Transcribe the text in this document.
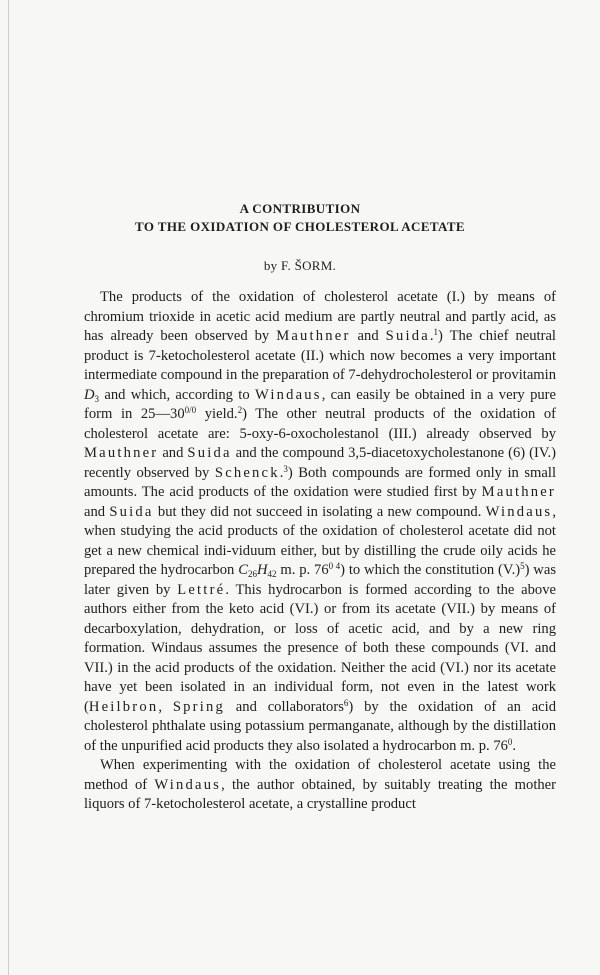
A CONTRIBUTION
TO THE OXIDATION OF CHOLESTEROL ACETATE
by F. ŠORM.

The products of the oxidation of cholesterol acetate (I.) by means of chromium trioxide in acetic acid medium are partly neutral and partly acid, as has already been observed by Mauthner and Suida.$^1$) The chief neutral product is 7-ketocholesterol acetate (II.) which now becomes a very important intermediate compound in the preparation of 7-dehydrocholesterol or provitamin $D_3$ and which, according to Windaus, can easily be obtained in a very pure form in $25—30^{0/0}$ yield.$^2$) The other neutral products of the oxidation of cholesterol acetate are: 5-oxy-6-oxocholestanol (III.) already observed by Mauthner and Suida and the compound 3,5-diacetoxycholestanone (6) (IV.) recently observed by Schenck.$^3$) Both compounds are formed only in small amounts. The acid products of the oxidation were studied first by Mauthner and Suida but they did not succeed in isolating a new compound. Windaus, when studying the acid products of the oxidation of cholesterol acetate did not get a new chemical indi-viduum either, but by distilling the crude oily acids he prepared the hydrocarbon $C_{26}H_{42}$ m. p. $76^0$ $^4$) to which the constitution $(V.)^5$) was later given by Lettré. This hydrocarbon is formed according to the above authors either from the keto acid (VI.) or from its acetate (VII.) by means of decarboxylation, dehydration, or loss of acetic acid, and by a new ring formation. Windaus assumes the presence of both these compounds (VI. and VII.) in the acid products of the oxidation. Neither the acid (VI.) nor its acetate have yet been isolated in an individual form, not even in the latest work (Heilbron, Spring and collaborators$^6$) by the oxidation of an acid cholesterol phthalate using potassium permanganate, although by the distillation of the unpurified acid products they also isolated a hydrocarbon m. p. $76^0$.

When experimenting with the oxidation of cholesterol acetate using the method of Windaus, the author obtained, by suitably treating the mother liquors of 7-ketocholesterol acetate, a crystalline product
